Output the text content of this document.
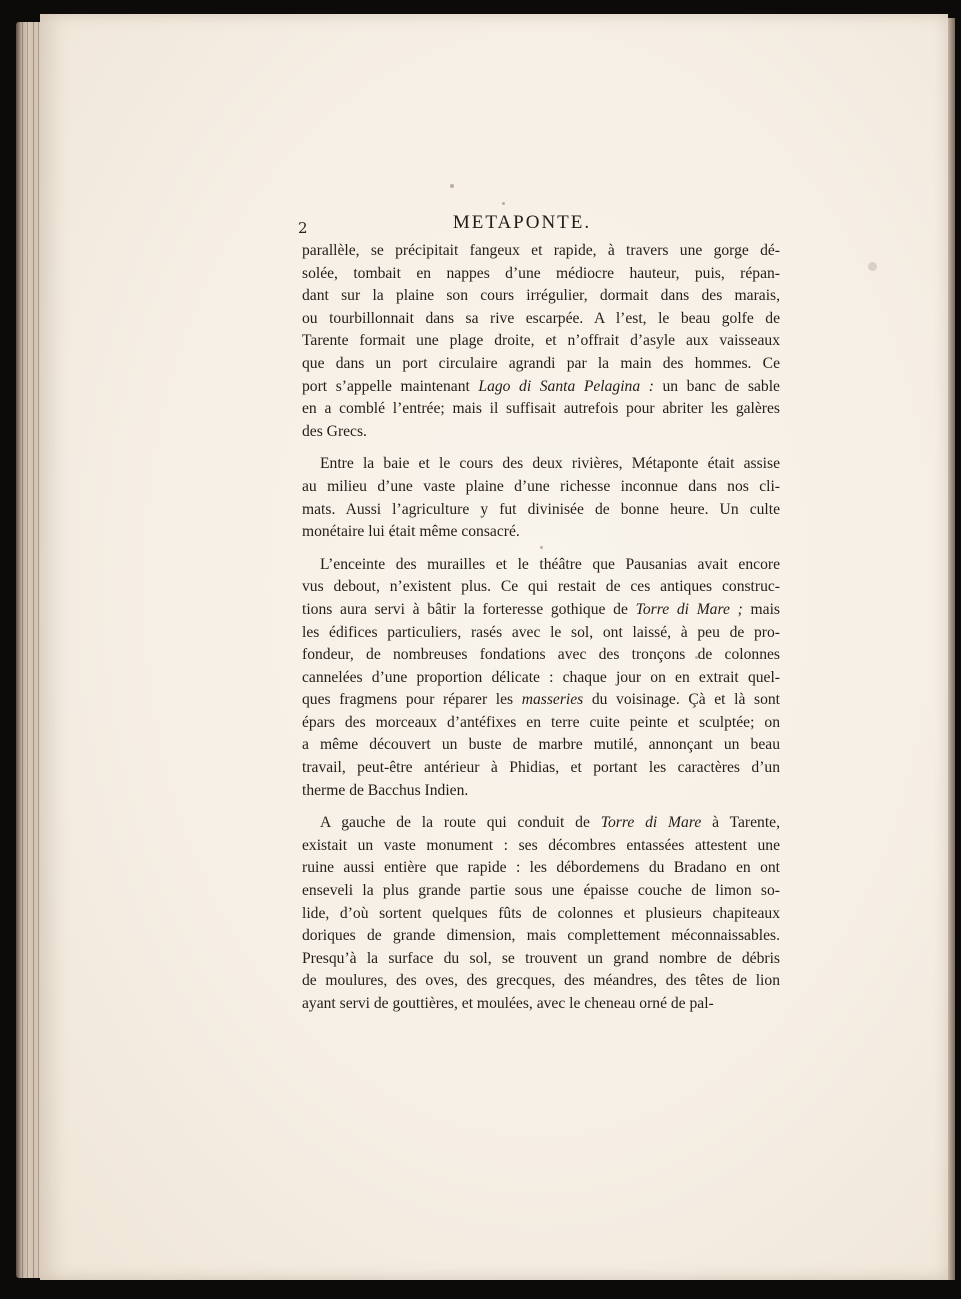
2	METAPONTE.

parallèle, se précipitait fangeux et rapide, à travers une gorge dé-
solée, tombait en nappes d’une médiocre hauteur, puis, répan-
dant sur la plaine son cours irrégulier, dormait dans des marais,
ou tourbillonnait dans sa rive escarpée. A l’est, le beau golfe de
Tarente formait une plage droite, et n’offrait d’asyle aux vaisseaux
que dans un port circulaire agrandi par la main des hommes. Ce
port s’appelle maintenant Lago di Santa Pelagina : un banc de sable
en a comblé l’entrée; mais il suffisait autrefois pour abriter les galères
des Grecs.

Entre la baie et le cours des deux rivières, Métaponte était assise
au milieu d’une vaste plaine d’une richesse inconnue dans nos cli-
mats. Aussi l’agriculture y fut divinisée de bonne heure. Un culte
monétaire lui était même consacré.

L’enceinte des murailles et le théâtre que Pausanias avait encore
vus debout, n’existent plus. Ce qui restait de ces antiques construc-
tions aura servi à bâtir la forteresse gothique de Torre di Mare ; mais
les édifices particuliers, rasés avec le sol, ont laissé, à peu de pro-
fondeur, de nombreuses fondations avec des tronçons de colonnes
cannelées d’une proportion délicate : chaque jour on en extrait quel-
ques fragmens pour réparer les masseries du voisinage. Çà et là sont
épars des morceaux d’antéfixes en terre cuite peinte et sculptée; on
a même découvert un buste de marbre mutilé, annonçant un beau
travail, peut-être antérieur à Phidias, et portant les caractères d’un
therme de Bacchus Indien.

A gauche de la route qui conduit de Torre di Mare à Tarente,
existait un vaste monument : ses décombres entassées attestent une
ruine aussi entière que rapide : les débordemens du Bradano en ont
enseveli la plus grande partie sous une épaisse couche de limon so-
lide, d’où sortent quelques fûts de colonnes et plusieurs chapiteaux
doriques de grande dimension, mais complettement méconnaissables.
Presqu’à la surface du sol, se trouvent un grand nombre de débris
de moulures, des oves, des grecques, des méandres, des têtes de lion
ayant servi de gouttières, et moulées, avec le cheneau orné de pal-
